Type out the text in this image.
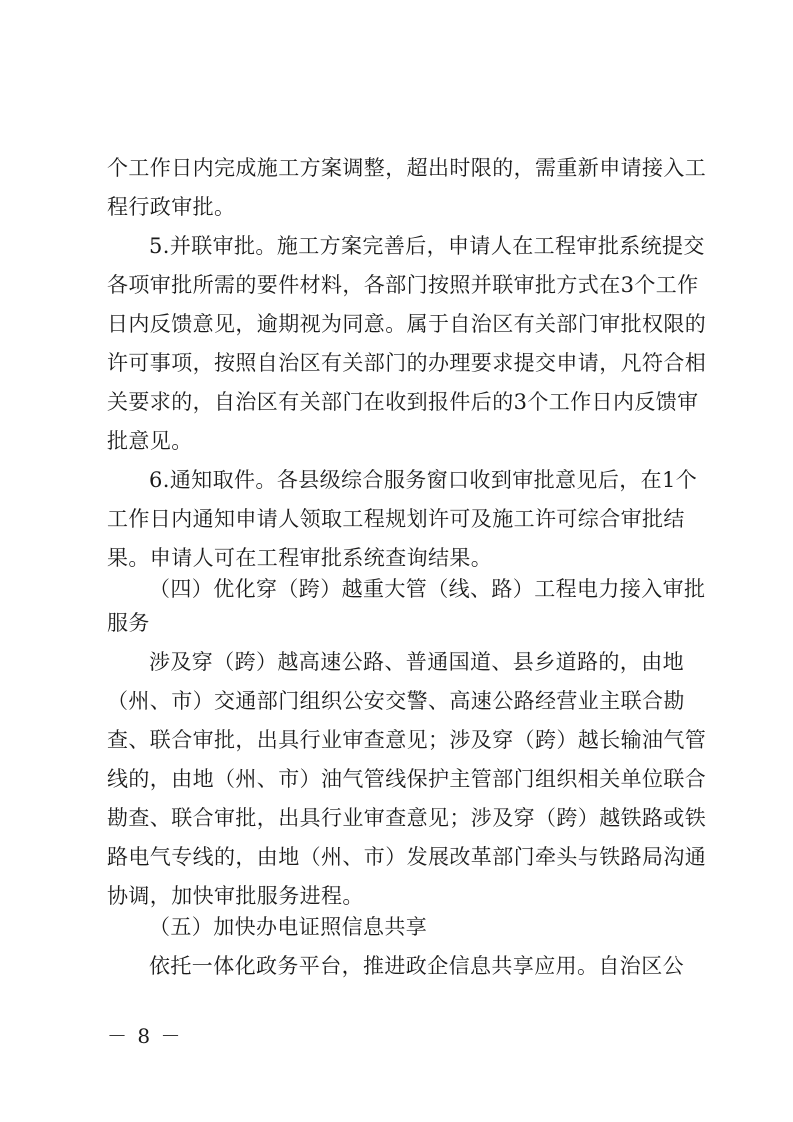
个工作日内完成施工方案调整，超出时限的，需重新申请接入工
程行政审批。
5.并联审批。施工方案完善后，申请人在工程审批系统提交
各项审批所需的要件材料，各部门按照并联审批方式在3个工作
日内反馈意见，逾期视为同意。属于自治区有关部门审批权限的
许可事项，按照自治区有关部门的办理要求提交申请，凡符合相
关要求的，自治区有关部门在收到报件后的3个工作日内反馈审
批意见。
6.通知取件。各县级综合服务窗口收到审批意见后，在1个
工作日内通知申请人领取工程规划许可及施工许可综合审批结
果。申请人可在工程审批系统查询结果。
（四）优化穿（跨）越重大管（线、路）工程电力接入审批
服务
涉及穿（跨）越高速公路、普通国道、县乡道路的，由地
（州、市）交通部门组织公安交警、高速公路经营业主联合勘
查、联合审批，出具行业审查意见；涉及穿（跨）越长输油气管
线的，由地（州、市）油气管线保护主管部门组织相关单位联合
勘查、联合审批，出具行业审查意见；涉及穿（跨）越铁路或铁
路电气专线的，由地（州、市）发展改革部门牵头与铁路局沟通
协调，加快审批服务进程。
（五）加快办电证照信息共享
依托一体化政务平台，推进政企信息共享应用。自治区公
－ 8 －
